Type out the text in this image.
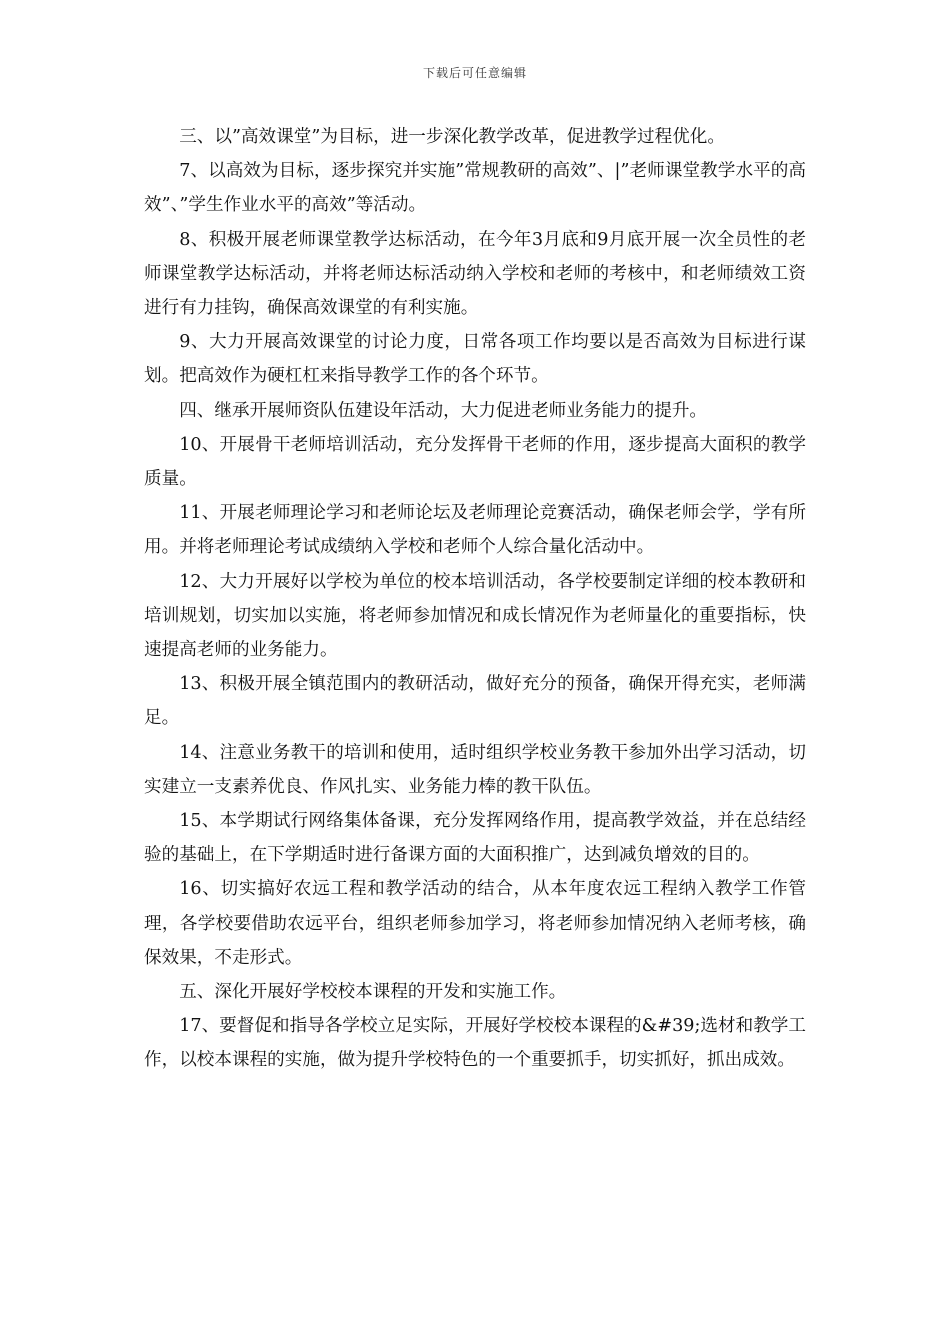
下载后可任意编辑

三、以”高效课堂”为目标，进一步深化教学改革，促进教学过程优化。

7、以高效为目标，逐步探究并实施”常规教研的高效”、|”老师课堂教学水平的高效”、”学生作业水平的高效”等活动。

8、积极开展老师课堂教学达标活动，在今年3月底和9月底开展一次全员性的老师课堂教学达标活动，并将老师达标活动纳入学校和老师的考核中，和老师绩效工资进行有力挂钩，确保高效课堂的有利实施。

9、大力开展高效课堂的讨论力度，日常各项工作均要以是否高效为目标进行谋划。把高效作为硬杠杠来指导教学工作的各个环节。

四、继承开展师资队伍建设年活动，大力促进老师业务能力的提升。

10、开展骨干老师培训活动，充分发挥骨干老师的作用，逐步提高大面积的教学质量。

11、开展老师理论学习和老师论坛及老师理论竞赛活动，确保老师会学，学有所用。并将老师理论考试成绩纳入学校和老师个人综合量化活动中。

12、大力开展好以学校为单位的校本培训活动，各学校要制定详细的校本教研和培训规划，切实加以实施，将老师参加情况和成长情况作为老师量化的重要指标，快速提高老师的业务能力。

13、积极开展全镇范围内的教研活动，做好充分的预备，确保开得充实，老师满足。

14、注意业务教干的培训和使用，适时组织学校业务教干参加外出学习活动，切实建立一支素养优良、作风扎实、业务能力棒的教干队伍。

15、本学期试行网络集体备课，充分发挥网络作用，提高教学效益，并在总结经验的基础上，在下学期适时进行备课方面的大面积推广，达到减负增效的目的。

16、切实搞好农远工程和教学活动的结合，从本年度农远工程纳入教学工作管理，各学校要借助农远平台，组织老师参加学习，将老师参加情况纳入老师考核，确保效果，不走形式。

五、深化开展好学校校本课程的开发和实施工作。

17、要督促和指导各学校立足实际，开展好学校校本课程的&#39;选材和教学工作，以校本课程的实施，做为提升学校特色的一个重要抓手，切实抓好，抓出成效。
